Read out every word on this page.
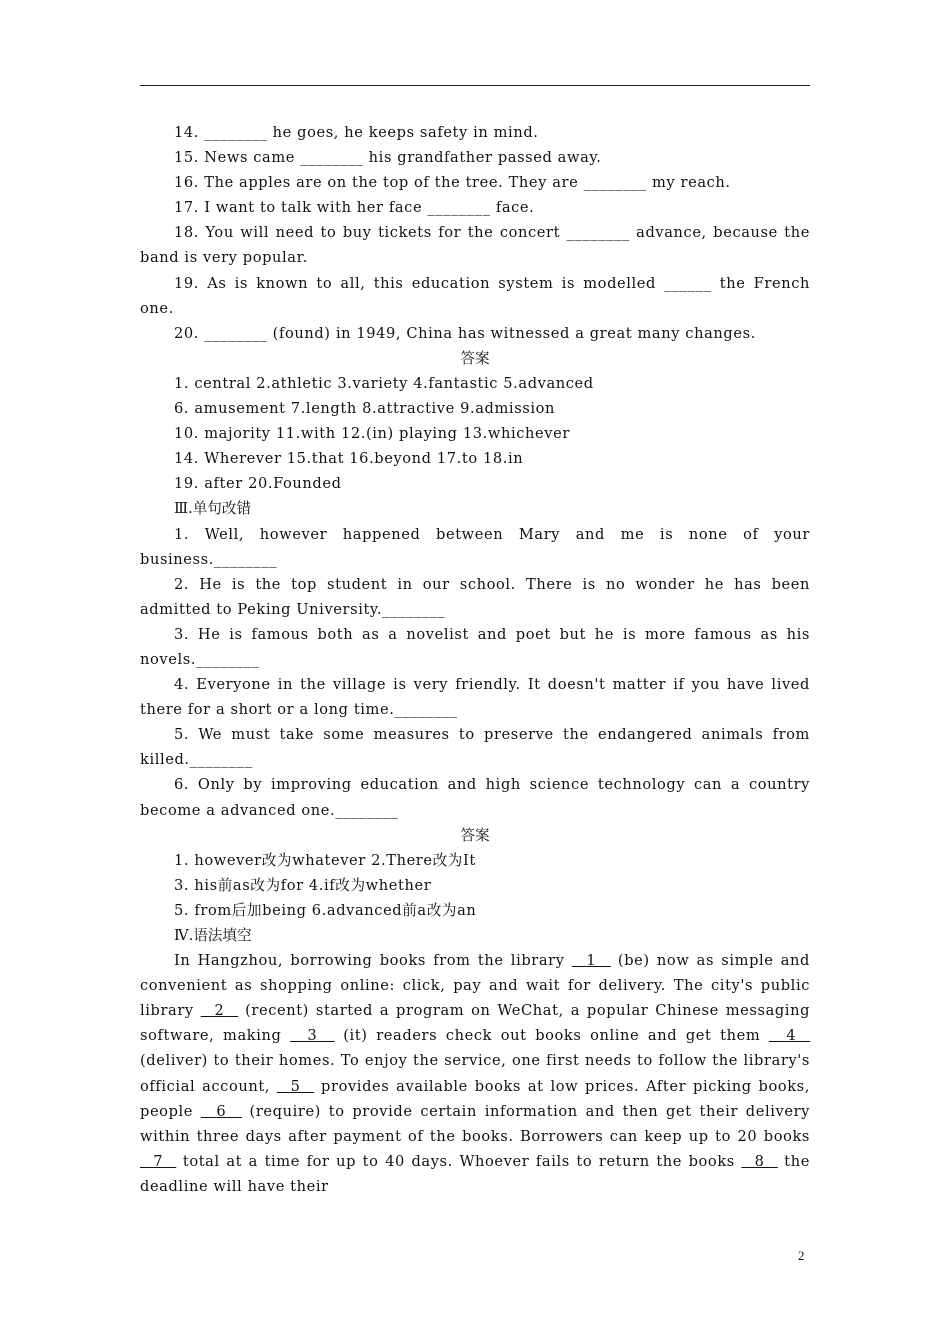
14. ________ he goes, he keeps safety in mind.

15. News came ________ his grandfather passed away.

16. The apples are on the top of the tree. They are ________ my reach.

17. I want to talk with her face ________ face.

18. You will need to buy tickets for the concert ________ advance, because the band is very popular.

19. As is known to all, this education system is modelled ______ the French one.

20. ________ (found) in 1949, China has witnessed a great many changes.

答案

1. central 2.athletic 3.variety 4.fantastic 5.advanced

6. amusement 7.length 8.attractive 9.admission

10. majority 11.with 12.(in) playing 13.whichever

14. Wherever 15.that 16.beyond 17.to 18.in

19. after 20.Founded

Ⅲ.单句改错

1. Well, however happened between Mary and me is none of your business.________

2. He is the top student in our school. There is no wonder he has been admitted to Peking University.________

3. He is famous both as a novelist and poet but he is more famous as his novels.________

4. Everyone in the village is very friendly. It doesn't matter if you have lived there for a short or a long time.________

5. We must take some measures to preserve the endangered animals from killed.________

6. Only by improving education and high science technology can a country become a advanced one.________

答案

1. however改为whatever 2.There改为It

3. his前as改为for 4.if改为whether

5. from后加being 6.advanced前a改为an

Ⅳ.语法填空

In Hangzhou, borrowing books from the library   1   (be) now as simple and convenient as shopping online: click, pay and wait for delivery. The city's public library   2   (recent) started a program on WeChat, a popular Chinese messaging software, making   3   (it) readers check out books online and get them   4   (deliver) to their homes. To enjoy the service, one first needs to follow the library's official account,   5   provides available books at low prices. After picking books, people   6   (require) to provide certain information and then get their delivery within three days after payment of the books. Borrowers can keep up to 20 books   7   total at a time for up to 40 days. Whoever fails to return the books   8   the deadline will have their

2
